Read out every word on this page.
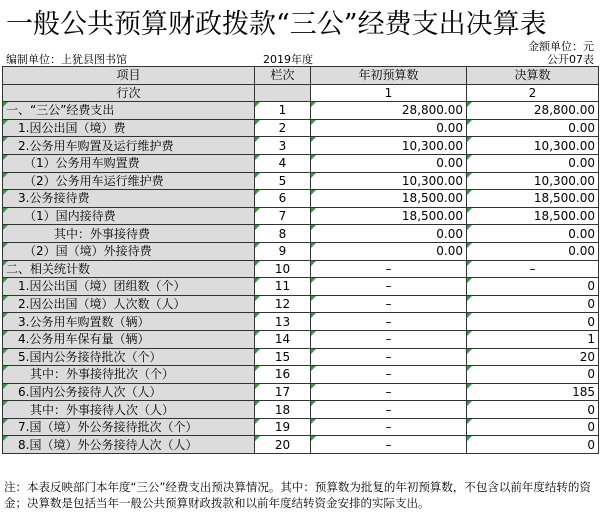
一般公共预算财政拨款“三公”经费支出决算表
金额单位：元
编制单位：上犹县图书馆	2019年度	公开07表
项目	栏次	年初预算数	决算数
行次		1	2

一、“三公”经费支出	1	28,800.00	28,800.00

　1.因公出国（境）费	2	0.00	0.00

　2.公务用车购置及运行维护费	3	10,300.00	10,300.00

　　（1）公务用车购置费	4	0.00	0.00

　　（2）公务用车运行维护费	5	10,300.00	10,300.00

　3.公务接待费	6	18,500.00	18,500.00

　　（1）国内接待费	7	18,500.00	18,500.00

　　　　其中：外事接待费	8	0.00	0.00

　　（2）国（境）外接待费	9	0.00	0.00

二、相关统计数	10	–	–

　1.因公出国（境）团组数（个）	11	–	0

　2.因公出国（境）人次数（人）	12	–	0

　3.公务用车购置数（辆）	13	–	0

　4.公务用车保有量（辆）	14	–	1

　5.国内公务接待批次（个）	15	–	20

　　其中：外事接待批次（个）	16	–	0

　6.国内公务接待人次（人）	17	–	185

　　其中：外事接待人次（人）	18	–	0

　7.国（境）外公务接待批次（个）	19	–	0

　8.国（境）外公务接待人次（人）	20	–	0
注：本表反映部门本年度“三公”经费支出预决算情况。其中：预算数为批复的年初预算数，不包含以前年度结转的资金；决算数是包括当年一般公共预算财政拨款和以前年度结转资金安排的实际支出。
